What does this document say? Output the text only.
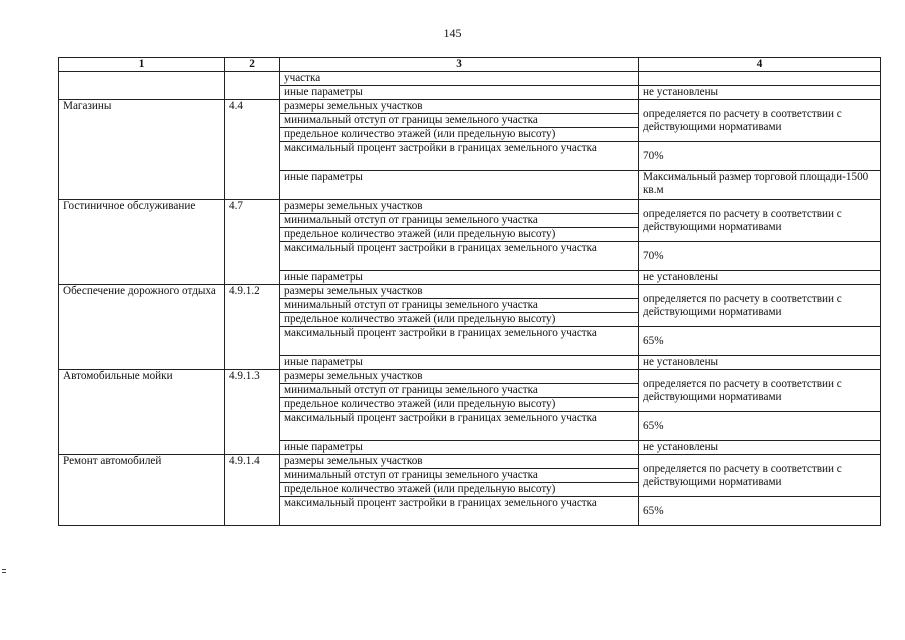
145
1	2	3	4
		участка	
		иные параметры	не установлены
Магазины	4.4	размеры земельных участков	определяется по расчету в соответствии с действующими нормативами
		минимальный отступ от границы земельного участка	
		предельное количество этажей (или предельную высоту)	
		максимальный процент застройки в границах земельного участка	70%
		иные параметры	Максимальный размер торговой площади-1500 кв.м
Гостиничное обслуживание	4.7	размеры земельных участков	определяется по расчету в соответствии с действующими нормативами
		минимальный отступ от границы земельного участка	
		предельное количество этажей (или предельную высоту)	
		максимальный процент застройки в границах земельного участка	70%
		иные параметры	не установлены
Обеспечение дорожного отдыха	4.9.1.2	размеры земельных участков	определяется по расчету в соответствии с действующими нормативами
		минимальный отступ от границы земельного участка	
		предельное количество этажей (или предельную высоту)	
		максимальный процент застройки в границах земельного участка	65%
		иные параметры	не установлены
Автомобильные мойки	4.9.1.3	размеры земельных участков	определяется по расчету в соответствии с действующими нормативами
		минимальный отступ от границы земельного участка	
		предельное количество этажей (или предельную высоту)	
		максимальный процент застройки в границах земельного участка	65%
		иные параметры	не установлены
Ремонт автомобилей	4.9.1.4	размеры земельных участков	определяется по расчету в соответствии с действующими нормативами
		минимальный отступ от границы земельного участка	
		предельное количество этажей (или предельную высоту)	
		максимальный процент застройки в границах земельного участка	65%
